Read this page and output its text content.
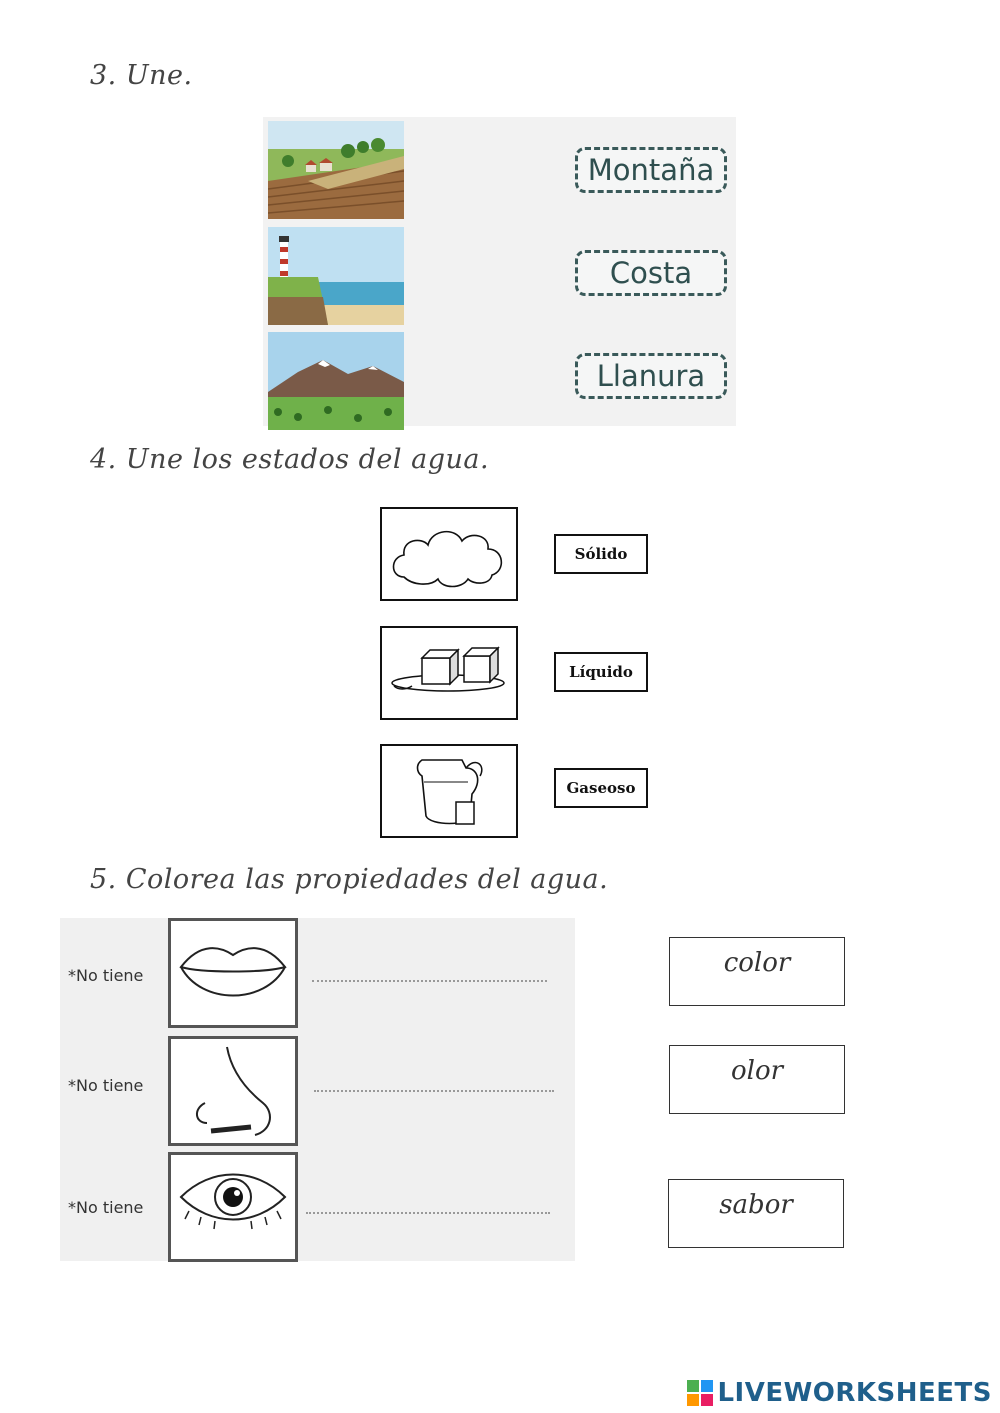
3. Une.
Montaña
Costa
Llanura
4. Une los estados del agua.
Sólido
Líquido
Gaseoso
5. Colorea las propiedades del agua.
*No tiene
*No tiene
*No tiene
color
olor
sabor
LIVEWORKSHEETS
